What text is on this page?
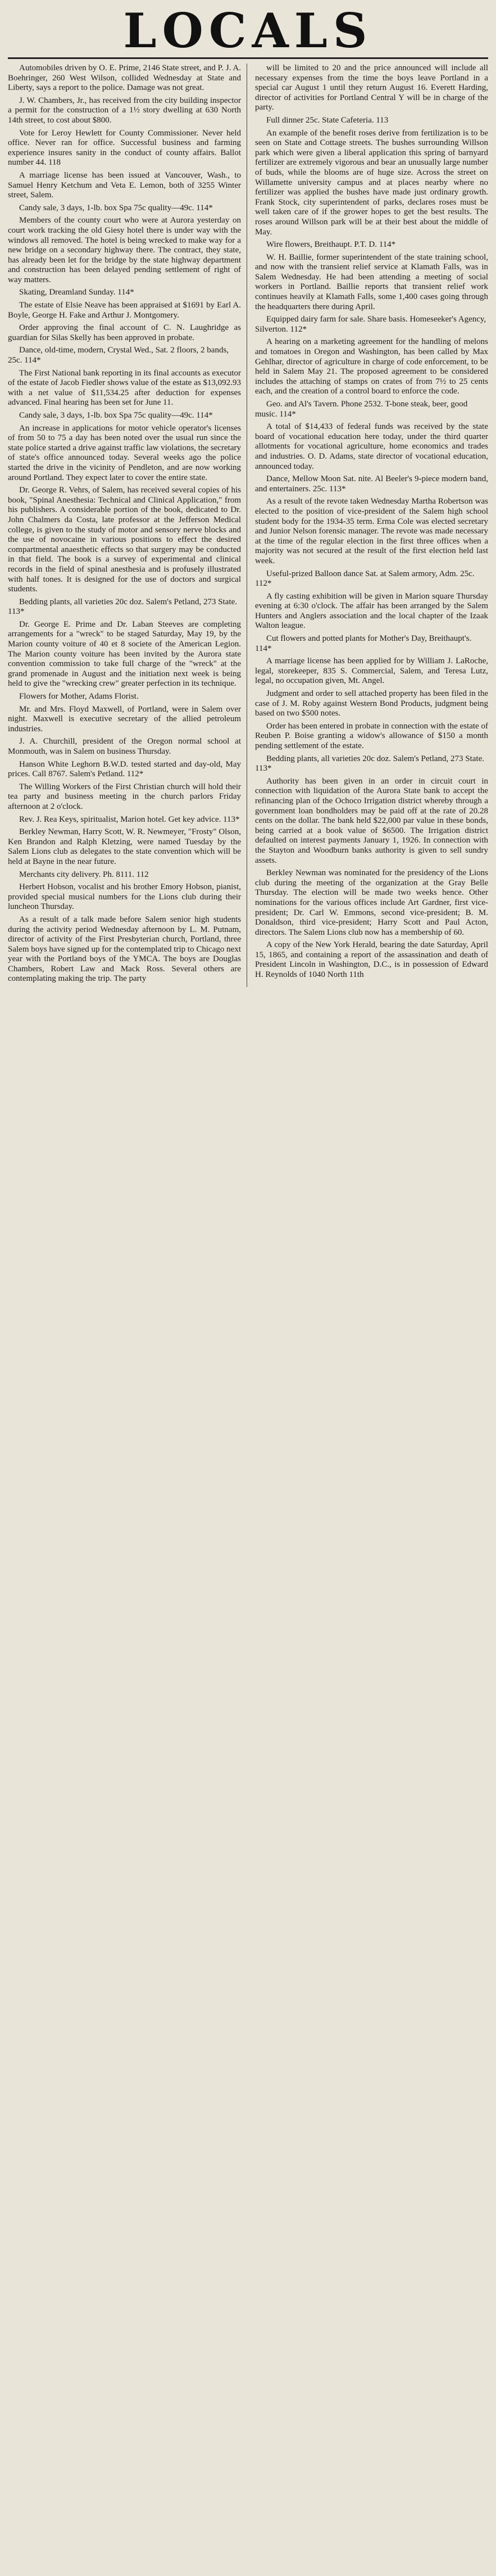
LOCALS

Automobiles driven by O. E. Prime, 2146 State street, and P. J. A. Boehringer, 260 West Wilson, collided Wednesday at State and Liberty, says a report to the police. Damage was not great.

J. W. Chambers, Jr., has received from the city building inspector a permit for the construction of a 1½ story dwelling at 630 North 14th street, to cost about $800.

Vote for Leroy Hewlett for County Commissioner. Never held office. Never ran for office. Successful business and farming experience insures sanity in the conduct of county affairs. Ballot number 44. 118

A marriage license has been issued at Vancouver, Wash., to Samuel Henry Ketchum and Veta E. Lemon, both of 3255 Winter street, Salem.

Candy sale, 3 days, 1-lb. box Spa 75c quality—49c. 114*

Members of the county court who were at Aurora yesterday on court work tracking the old Giesy hotel there is under way with the windows all removed. The hotel is being wrecked to make way for a new bridge on a secondary highway there. The contract, they state, has already been let for the bridge by the state highway department and construction has been delayed pending settlement of right of way matters.

Skating, Dreamland Sunday. 114*

The estate of Elsie Neave has been appraised at $1691 by Earl A. Boyle, George H. Fake and Arthur J. Montgomery.

Order approving the final account of C. N. Laughridge as guardian for Silas Skelly has been approved in probate.

Dance, old-time, modern, Crystal Wed., Sat. 2 floors, 2 bands, 25c. 114*

The First National bank reporting in its final accounts as executor of the estate of Jacob Fiedler shows value of the estate as $13,092.93 with a net value of $11,534.25 after deduction for expenses advanced. Final hearing has been set for June 11.

Candy sale, 3 days, 1-lb. box Spa 75c quality—49c. 114*

An increase in applications for motor vehicle operator's licenses of from 50 to 75 a day has been noted over the usual run since the state police started a drive against traffic law violations, the secretary of state's office announced today. Several weeks ago the police started the drive in the vicinity of Pendleton, and are now working around Portland. They expect later to cover the entire state.

Dr. George R. Vehrs, of Salem, has received several copies of his book, "Spinal Anesthesia: Technical and Clinical Application," from his publishers. A considerable portion of the book, dedicated to Dr. John Chalmers da Costa, late professor at the Jefferson Medical college, is given to the study of motor and sensory nerve blocks and the use of novocaine in various positions to effect the desired compartmental anaesthetic effects so that surgery may be conducted in that field. The book is a survey of experimental and clinical records in the field of spinal anesthesia and is profusely illustrated with half tones. It is designed for the use of doctors and surgical students.

Bedding plants, all varieties 20c doz. Salem's Petland, 273 State. 113*

Dr. George E. Prime and Dr. Laban Steeves are completing arrangements for a "wreck" to be staged Saturday, May 19, by the Marion county voiture of 40 et 8 societe of the American Legion. The Marion county voiture has been invited by the Aurora state convention commission to take full charge of the "wreck" at the grand promenade in August and the initiation next week is being held to give the "wrecking crew" greater perfection in its technique.

Flowers for Mother, Adams Florist.

Mr. and Mrs. Floyd Maxwell, of Portland, were in Salem over night. Maxwell is executive secretary of the allied petroleum industries.

J. A. Churchill, president of the Oregon normal school at Monmouth, was in Salem on business Thursday.

Hanson White Leghorn B.W.D. tested started and day-old, May prices. Call 8767. Salem's Petland. 112*

The Willing Workers of the First Christian church will hold their tea party and business meeting in the church parlors Friday afternoon at 2 o'clock.

Rev. J. Rea Keys, spiritualist, Marion hotel. Get key advice. 113*

Berkley Newman, Harry Scott, W. R. Newmeyer, "Frosty" Olson, Ken Brandon and Ralph Kletzing, were named Tuesday by the Salem Lions club as delegates to the state convention which will be held at Bayne in the near future.

Merchants city delivery. Ph. 8111. 112

Herbert Hobson, vocalist and his brother Emory Hobson, pianist, provided special musical numbers for the Lions club during their luncheon Thursday.

As a result of a talk made before Salem senior high students during the activity period Wednesday afternoon by L. M. Putnam, director of activity of the First Presbyterian church, Portland, three Salem boys have signed up for the contemplated trip to Chicago next year with the Portland boys of the YMCA. The boys are Douglas Chambers, Robert Law and Mack Ross. Several others are contemplating making the trip. The party

will be limited to 20 and the price announced will include all necessary expenses from the time the boys leave Portland in a special car August 1 until they return August 16. Everett Harding, director of activities for Portland Central Y will be in charge of the party.

Full dinner 25c. State Cafeteria. 113

An example of the benefit roses derive from fertilization is to be seen on State and Cottage streets. The bushes surrounding Willson park which were given a liberal application this spring of barnyard fertilizer are extremely vigorous and bear an unusually large number of buds, while the blooms are of huge size. Across the street on Willamette university campus and at places nearby where no fertilizer was applied the bushes have made just ordinary growth. Frank Stock, city superintendent of parks, declares roses must be well taken care of if the grower hopes to get the best results. The roses around Willson park will be at their best about the middle of May.

Wire flowers, Breithaupt. P.T. D. 114*

W. H. Baillie, former superintendent of the state training school, and now with the transient relief service at Klamath Falls, was in Salem Wednesday. He had been attending a meeting of social workers in Portland. Baillie reports that transient relief work continues heavily at Klamath Falls, some 1,400 cases going through the headquarters there during April.

Equipped dairy farm for sale. Share basis. Homeseeker's Agency, Silverton. 112*

A hearing on a marketing agreement for the handling of melons and tomatoes in Oregon and Washington, has been called by Max Gehlhar, director of agriculture in charge of code enforcement, to be held in Salem May 21. The proposed agreement to be considered includes the attaching of stamps on crates of from 7½ to 25 cents each, and the creation of a control board to enforce the code.

Geo. and Al's Tavern. Phone 2532. T-bone steak, beer, good music. 114*

A total of $14,433 of federal funds was received by the state board of vocational education here today, under the third quarter allotments for vocational agriculture, home economics and trades and industries. O. D. Adams, state director of vocational education, announced today.

Dance, Mellow Moon Sat. nite. Al Beeler's 9-piece modern band, and entertainers. 25c. 113*

As a result of the revote taken Wednesday Martha Robertson was elected to the position of vice-president of the Salem high school student body for the 1934-35 term. Erma Cole was elected secretary and Junior Nelson forensic manager. The revote was made necessary at the time of the regular election in the first three offices when a majority was not secured at the result of the first election held last week.

Useful-prized Balloon dance Sat. at Salem armory, Adm. 25c. 112*

A fly casting exhibition will be given in Marion square Thursday evening at 6:30 o'clock. The affair has been arranged by the Salem Hunters and Anglers association and the local chapter of the Izaak Walton league.

Cut flowers and potted plants for Mother's Day, Breithaupt's. 114*

A marriage license has been applied for by William J. LaRoche, legal, storekeeper, 835 S. Commercial, Salem, and Teresa Lutz, legal, no occupation given, Mt. Angel.

Judgment and order to sell attached property has been filed in the case of J. M. Roby against Western Bond Products, judgment being based on two $500 notes.

Order has been entered in probate in connection with the estate of Reuben P. Boise granting a widow's allowance of $150 a month pending settlement of the estate.

Bedding plants, all varieties 20c doz. Salem's Petland, 273 State. 113*

Authority has been given in an order in circuit court in connection with liquidation of the Aurora State bank to accept the refinancing plan of the Ochoco Irrigation district whereby through a government loan bondholders may be paid off at the rate of 20.28 cents on the dollar. The bank held $22,000 par value in these bonds, being carried at a book value of $6500. The Irrigation district defaulted on interest payments January 1, 1926. In connection with the Stayton and Woodburn banks authority is given to sell sundry assets.

Berkley Newman was nominated for the presidency of the Lions club during the meeting of the organization at the Gray Belle Thursday. The election will be made two weeks hence. Other nominations for the various offices include Art Gardner, first vice-president; Dr. Carl W. Emmons, second vice-president; B. M. Donaldson, third vice-president; Harry Scott and Paul Acton, directors. The Salem Lions club now has a membership of 60.

A copy of the New York Herald, bearing the date Saturday, April 15, 1865, and containing a report of the assassination and death of President Lincoln in Washington, D.C., is in possession of Edward H. Reynolds of 1040 North 11th
